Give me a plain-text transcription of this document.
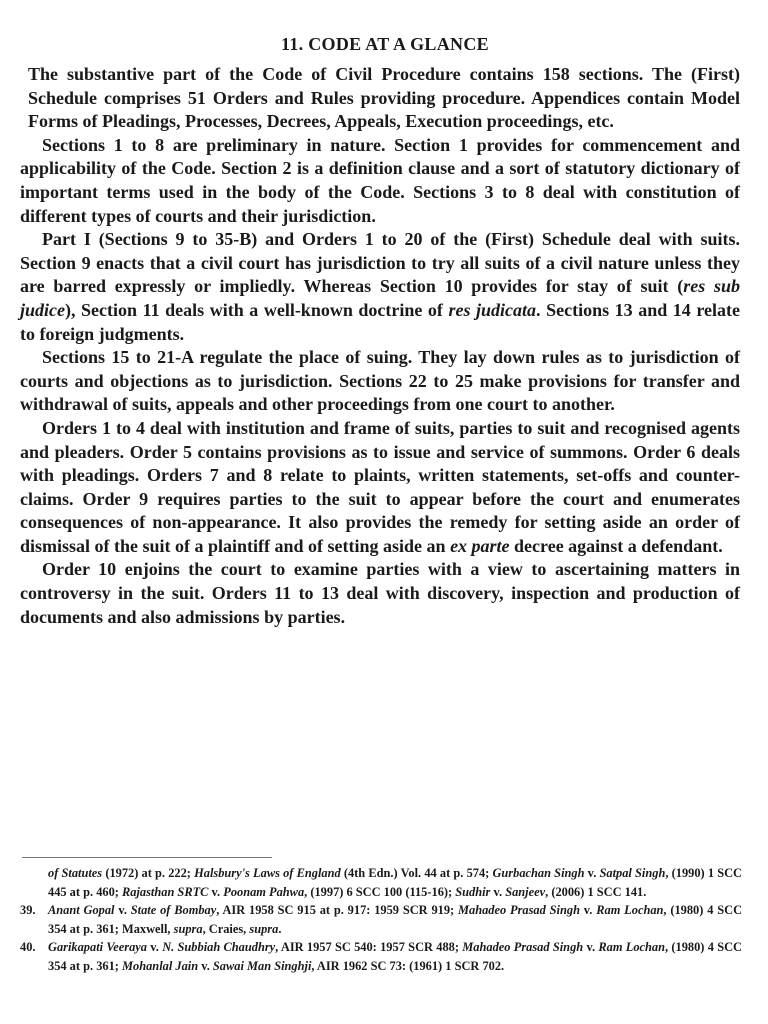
11. CODE AT A GLANCE

The substantive part of the Code of Civil Procedure contains 158 sections. The (First) Schedule comprises 51 Orders and Rules providing procedure. Appendices contain Model Forms of Pleadings, Processes, Decrees, Appeals, Execution proceedings, etc.

Sections 1 to 8 are preliminary in nature. Section 1 provides for commencement and applicability of the Code. Section 2 is a definition clause and a sort of statutory dictionary of important terms used in the body of the Code. Sections 3 to 8 deal with constitution of different types of courts and their jurisdiction.

Part I (Sections 9 to 35-B) and Orders 1 to 20 of the (First) Schedule deal with suits. Section 9 enacts that a civil court has jurisdiction to try all suits of a civil nature unless they are barred expressly or impliedly. Whereas Section 10 provides for stay of suit (res sub judice), Section 11 deals with a well-known doctrine of res judicata. Sections 13 and 14 relate to foreign judgments.

Sections 15 to 21-A regulate the place of suing. They lay down rules as to jurisdiction of courts and objections as to jurisdiction. Sections 22 to 25 make provisions for transfer and withdrawal of suits, appeals and other proceedings from one court to another.

Orders 1 to 4 deal with institution and frame of suits, parties to suit and recognised agents and pleaders. Order 5 contains provisions as to issue and service of summons. Order 6 deals with pleadings. Orders 7 and 8 relate to plaints, written statements, set-offs and counter-claims. Order 9 requires parties to the suit to appear before the court and enumerates consequences of non-appearance. It also provides the remedy for setting aside an order of dismissal of the suit of a plaintiff and of setting aside an ex parte decree against a defendant.

Order 10 enjoins the court to examine parties with a view to ascertaining matters in controversy in the suit. Orders 11 to 13 deal with discovery, inspection and production of documents and also admissions by parties.

of Statutes (1972) at p. 222; Halsbury's Laws of England (4th Edn.) Vol. 44 at p. 574; Gurbachan Singh v. Satpal Singh, (1990) 1 SCC 445 at p. 460; Rajasthan SRTC v. Poonam Pahwa, (1997) 6 SCC 100 (115-16); Sudhir v. Sanjeev, (2006) 1 SCC 141.
39.	Anant Gopal v. State of Bombay, AIR 1958 SC 915 at p. 917: 1959 SCR 919; Mahadeo Prasad Singh v. Ram Lochan, (1980) 4 SCC 354 at p. 361; Maxwell, supra, Craies, supra.
40.	Garikapati Veeraya v. N. Subbiah Chaudhry, AIR 1957 SC 540: 1957 SCR 488; Mahadeo Prasad Singh v. Ram Lochan, (1980) 4 SCC 354 at p. 361; Mohanlal Jain v. Sawai Man Singhji, AIR 1962 SC 73: (1961) 1 SCR 702.
